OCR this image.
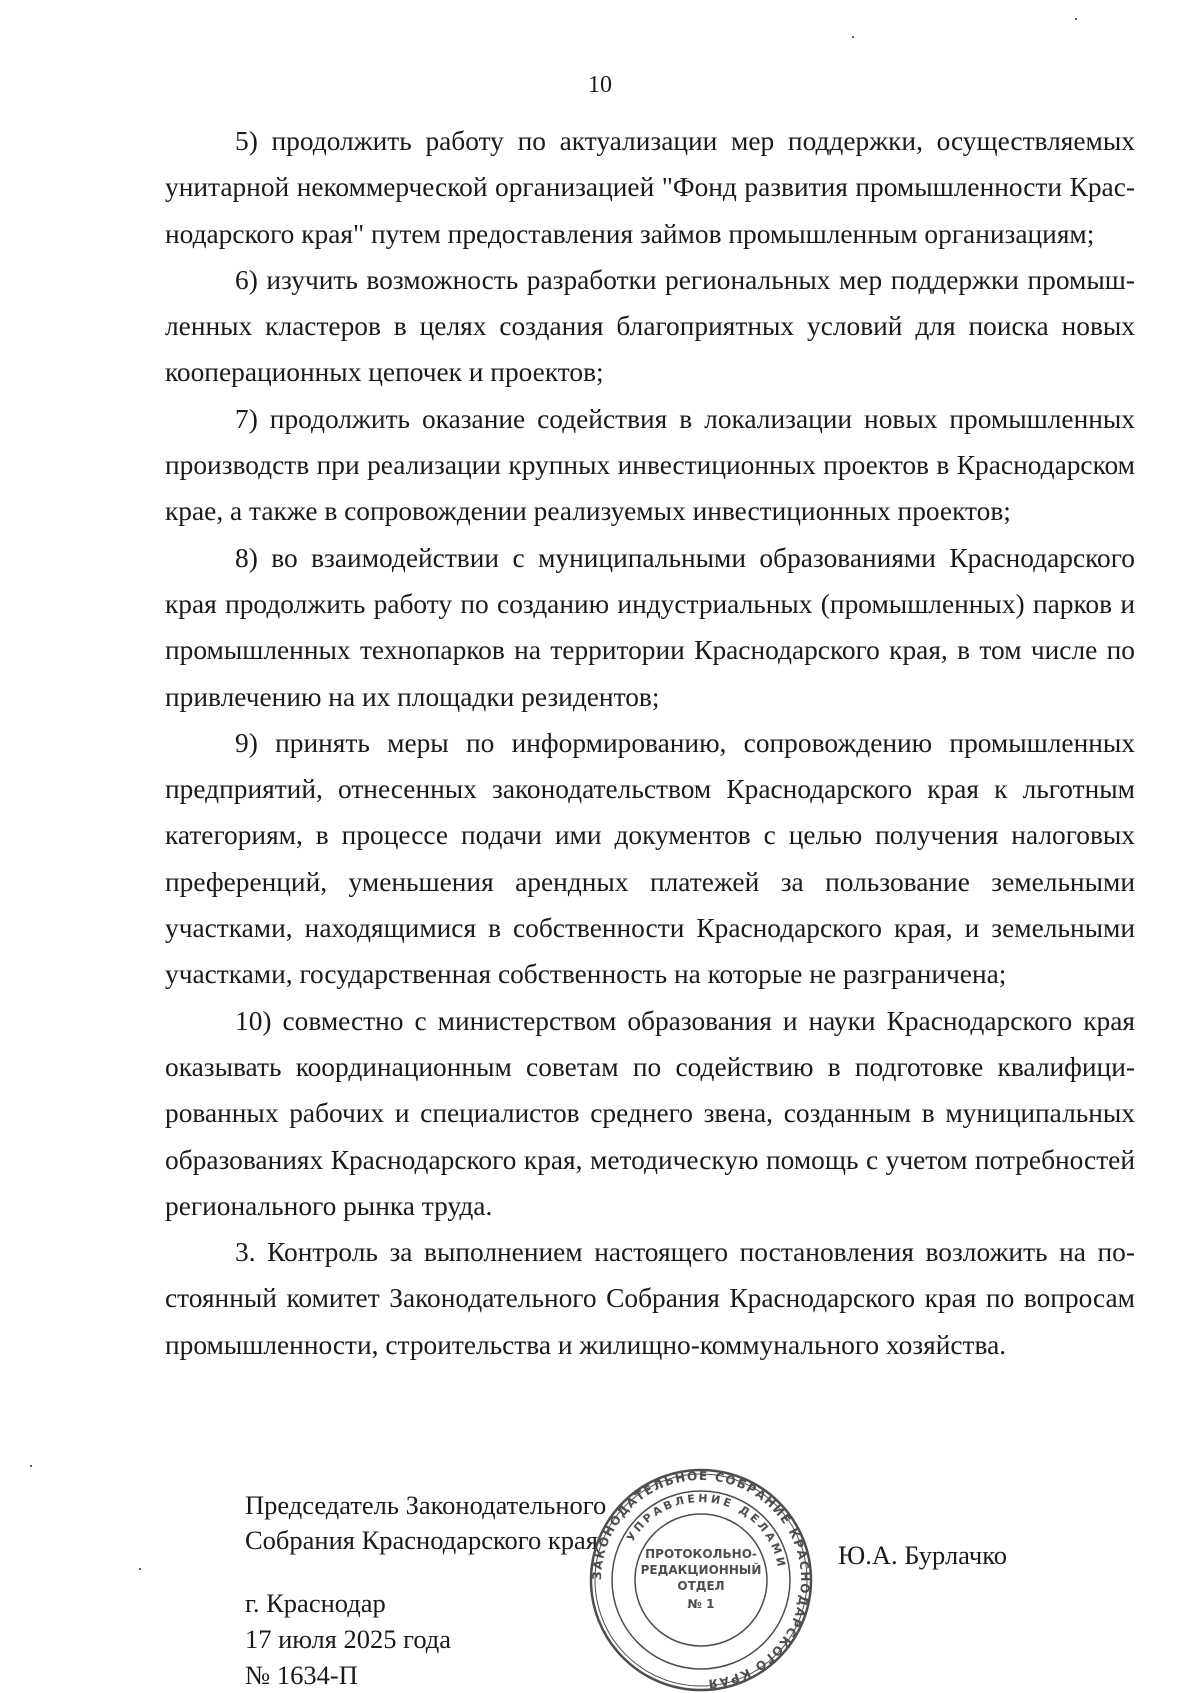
10

5) продолжить работу по актуализации мер поддержки, осуществляемых унитарной некоммерческой организацией "Фонд развития промышленности Краснодарского края" путем предоставления займов промышленным организациям;

6) изучить возможность разработки региональных мер поддержки промышленных кластеров в целях создания благоприятных условий для поиска новых кооперационных цепочек и проектов;

7) продолжить оказание содействия в локализации новых промышленных производств при реализации крупных инвестиционных проектов в Краснодарском крае, а также в сопровождении реализуемых инвестиционных проектов;

8) во взаимодействии с муниципальными образованиями Краснодарского края продолжить работу по созданию индустриальных (промышленных) парков и промышленных технопарков на территории Краснодарского края, в том числе по привлечению на их площадки резидентов;

9) принять меры по информированию, сопровождению промышленных предприятий, отнесенных законодательством Краснодарского края к льготным категориям, в процессе подачи ими документов с целью получения налоговых преференций, уменьшения арендных платежей за пользование земельными участками, находящимися в собственности Краснодарского края, и земельными участками, государственная собственность на которые не разграничена;

10) совместно с министерством образования и науки Краснодарского края оказывать координационным советам по содействию в подготовке квалифицированных рабочих и специалистов среднего звена, созданным в муниципальных образованиях Краснодарского края, методическую помощь с учетом потребностей регионального рынка труда.

3. Контроль за выполнением настоящего постановления возложить на постоянный комитет Законодательного Собрания Краснодарского края по вопросам промышленности, строительства и жилищно-коммунального хозяйства.

Председатель Законодательного
Собрания Краснодарского края	Ю.А. Бурлачко
г. Краснодар
17 июля 2025 года
№ 1634-П
ЗАКОНОДАТЕЛЬНОЕ СОБРАНИЕ КРАСНОДАРСКОГО КРАЯ
УПРАВЛЕНИЕ ДЕЛАМИ
ПРОТОКОЛЬНО-
РЕДАКЦИОННЫЙ
ОТДЕЛ
№ 1
